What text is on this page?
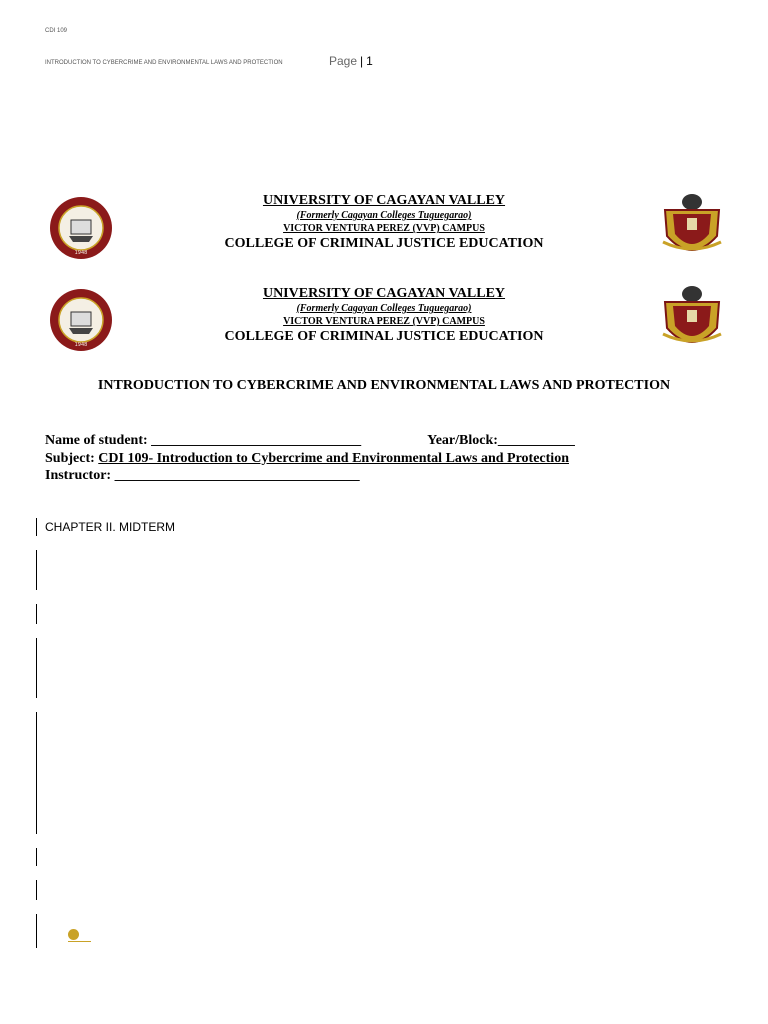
CDI 109
INTRODUCTION TO CYBERCRIME AND ENVIRONMENTAL LAWS AND PROTECTION	Page | 1
1948
UNIVERSITY OF CAGAYAN VALLEY
(Formerly Cagayan Colleges Tuguegarao)
VICTOR VENTURA PEREZ (VVP) CAMPUS
COLLEGE OF CRIMINAL JUSTICE EDUCATION
1948
UNIVERSITY OF CAGAYAN VALLEY
(Formerly Cagayan Colleges Tuguegarao)
VICTOR VENTURA PEREZ (VVP) CAMPUS
COLLEGE OF CRIMINAL JUSTICE EDUCATION
INTRODUCTION TO CYBERCRIME AND ENVIRONMENTAL LAWS AND PROTECTION
Name of student: ______________________________	Year/Block:___________
Subject: CDI 109- Introduction to Cybercrime and Environmental Laws and Protection
Instructor: ___________________________________
CHAPTER II. MIDTERM
